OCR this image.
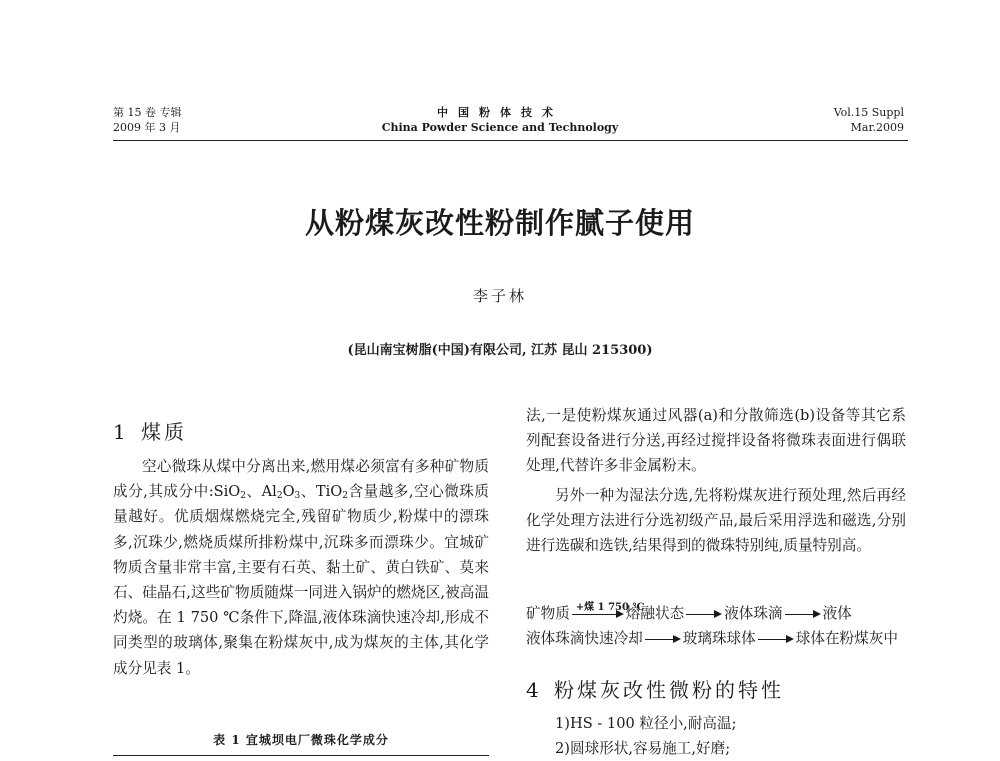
第 15 卷 专辑
2009 年 3 月
中国粉体技术
China Powder Science and Technology
Vol.15 Suppl
Mar.2009
从粉煤灰改性粉制作腻子使用
李子林
(昆山南宝树脂(中国)有限公司, 江苏 昆山 215300)
1 煤质
空心微珠从煤中分离出来,燃用煤必须富有多种矿物质成分,其成分中:SiO$_2$、$Al_2O_3$、TiO$_2$含量越多,空心微珠质量越好。优质烟煤燃烧完全,残留矿物质少,粉煤中的漂珠多,沉珠少,燃烧质煤所排粉煤中,沉珠多而漂珠少。宜城矿物质含量非常丰富,主要有石英、黏土矿、黄白铁矿、莫来石、硅晶石,这些矿物质随煤一同进入锅炉的燃烧区,被高温灼烧。在 1 750 ℃条件下,降温,液体珠滴快速冷却,形成不同类型的玻璃体,聚集在粉煤灰中,成为煤灰的主体,其化学成分见表 1。
表 1 宜城坝电厂微珠化学成分
法,一是使粉煤灰通过风器(a)和分散筛选(b)设备等其它系列配套设备进行分送,再经过搅拌设备将微珠表面进行偶联处理,代替许多非金属粉末。
另外一种为湿法分选,先将粉煤灰进行预处理,然后再经化学处理方法进行分选初级产品,最后采用浮选和磁选,分别进行选碳和选铁,结果得到的微珠特别纯,质量特别高。
矿物质 +煤 1 750 ℃
熔融状态	液体珠滴	液体
液体珠滴快速冷却	玻璃珠球体	球体在粉煤灰中
4 粉煤灰改性微粉的特性
1)HS - 100 粒径小,耐高温;
2)圆球形状,容易施工,好磨;
